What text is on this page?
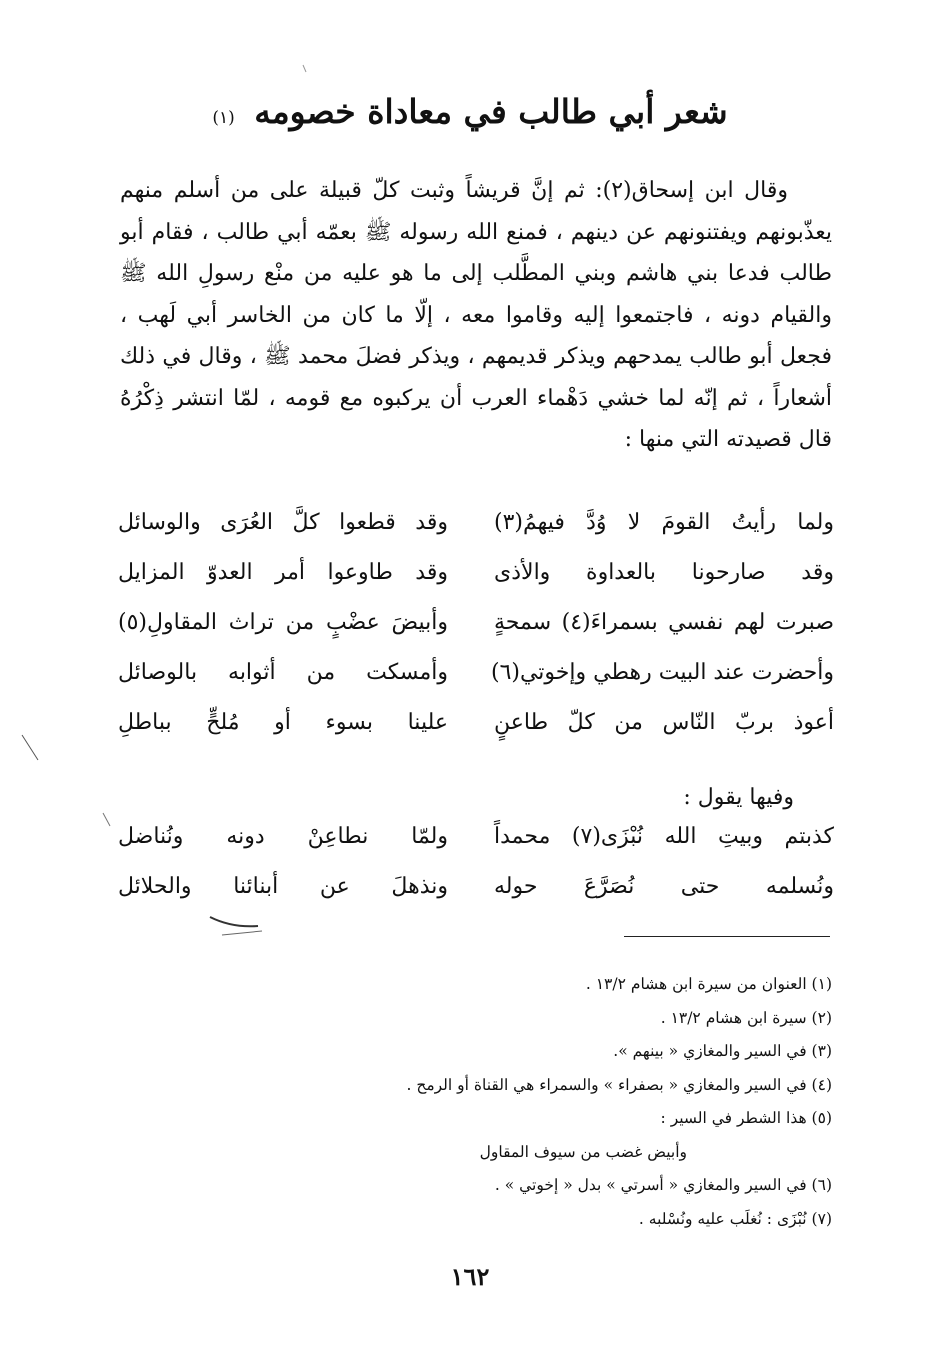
شعر أبي طالب في معاداة خصومه (١)

وقال ابن إسحاق(٢): ثم إنَّ قريشاً وثبت كلّ قبيلة على من أسلم منهم يعذّبونهم ويفتنونهم عن دينهم ، فمنع الله رسوله ﷺ بعمّه أبي طالب ، فقام أبو طالب فدعا بني هاشم وبني المطَّلب إلى ما هو عليه من منْع رسولِ الله ﷺ والقيام دونه ، فاجتمعوا إليه وقاموا معه ، إلّا ما كان من الخاسر أبي لَهب ، فجعل أبو طالب يمدحهم ويذكر قديمهم ، ويذكر فضلَ محمد ﷺ ، وقال في ذلك أشعاراً ، ثم إنّه لما خشي دَهْماء العرب أن يركبوه مع قومه ، لمّا انتشر ذِكْرُهُ قال قصيدته التي منها :

ولما رأيتُ القومَ لا وُدَّ فيهمُ(٣)
وقد قطعوا كلَّ العُرَى والوسائل
وقد صارحونا بالعداوة والأذى
وقد طاوعوا أمر العدوّ المزايل
صبرت لهم نفسي بسمراءَ(٤) سمحةٍ
وأبيضَ عضْبٍ من تراث المقاولِ(٥)
وأحضرت عند البيت رهطي وإخوتي(٦)
وأمسكت من أثوابه بالوصائل
أعوذ بربّ النّاس من كلّ طاعنٍ
علينا بسوء أو مُلحٍّ بباطلِ
وفيها يقول :
كذبتم وبيتِ الله نُبْزَى(٧) محمداً
ولمّا نطاعِنْ دونه ونُناضل
ونُسلمه حتى نُصَرَّعَ حوله
ونذهلَ عن أبنائنا والحلائل
(١) العنوان من سيرة ابن هشام ١٣/٢ .
(٢) سيرة ابن هشام ١٣/٢ .
(٣) في السير والمغازي « بينهم ».
(٤) في السير والمغازي « بصفراء » والسمراء هي القناة أو الرمح .
(٥) هذا الشطر في السير :
وأبيض غضب من سيوف المقاول
(٦) في السير والمغازي « أسرتي » بدل « إخوتي » .
(٧) نُبْزَى : نُغلَب عليه ونُسْلبه .
١٦٢
